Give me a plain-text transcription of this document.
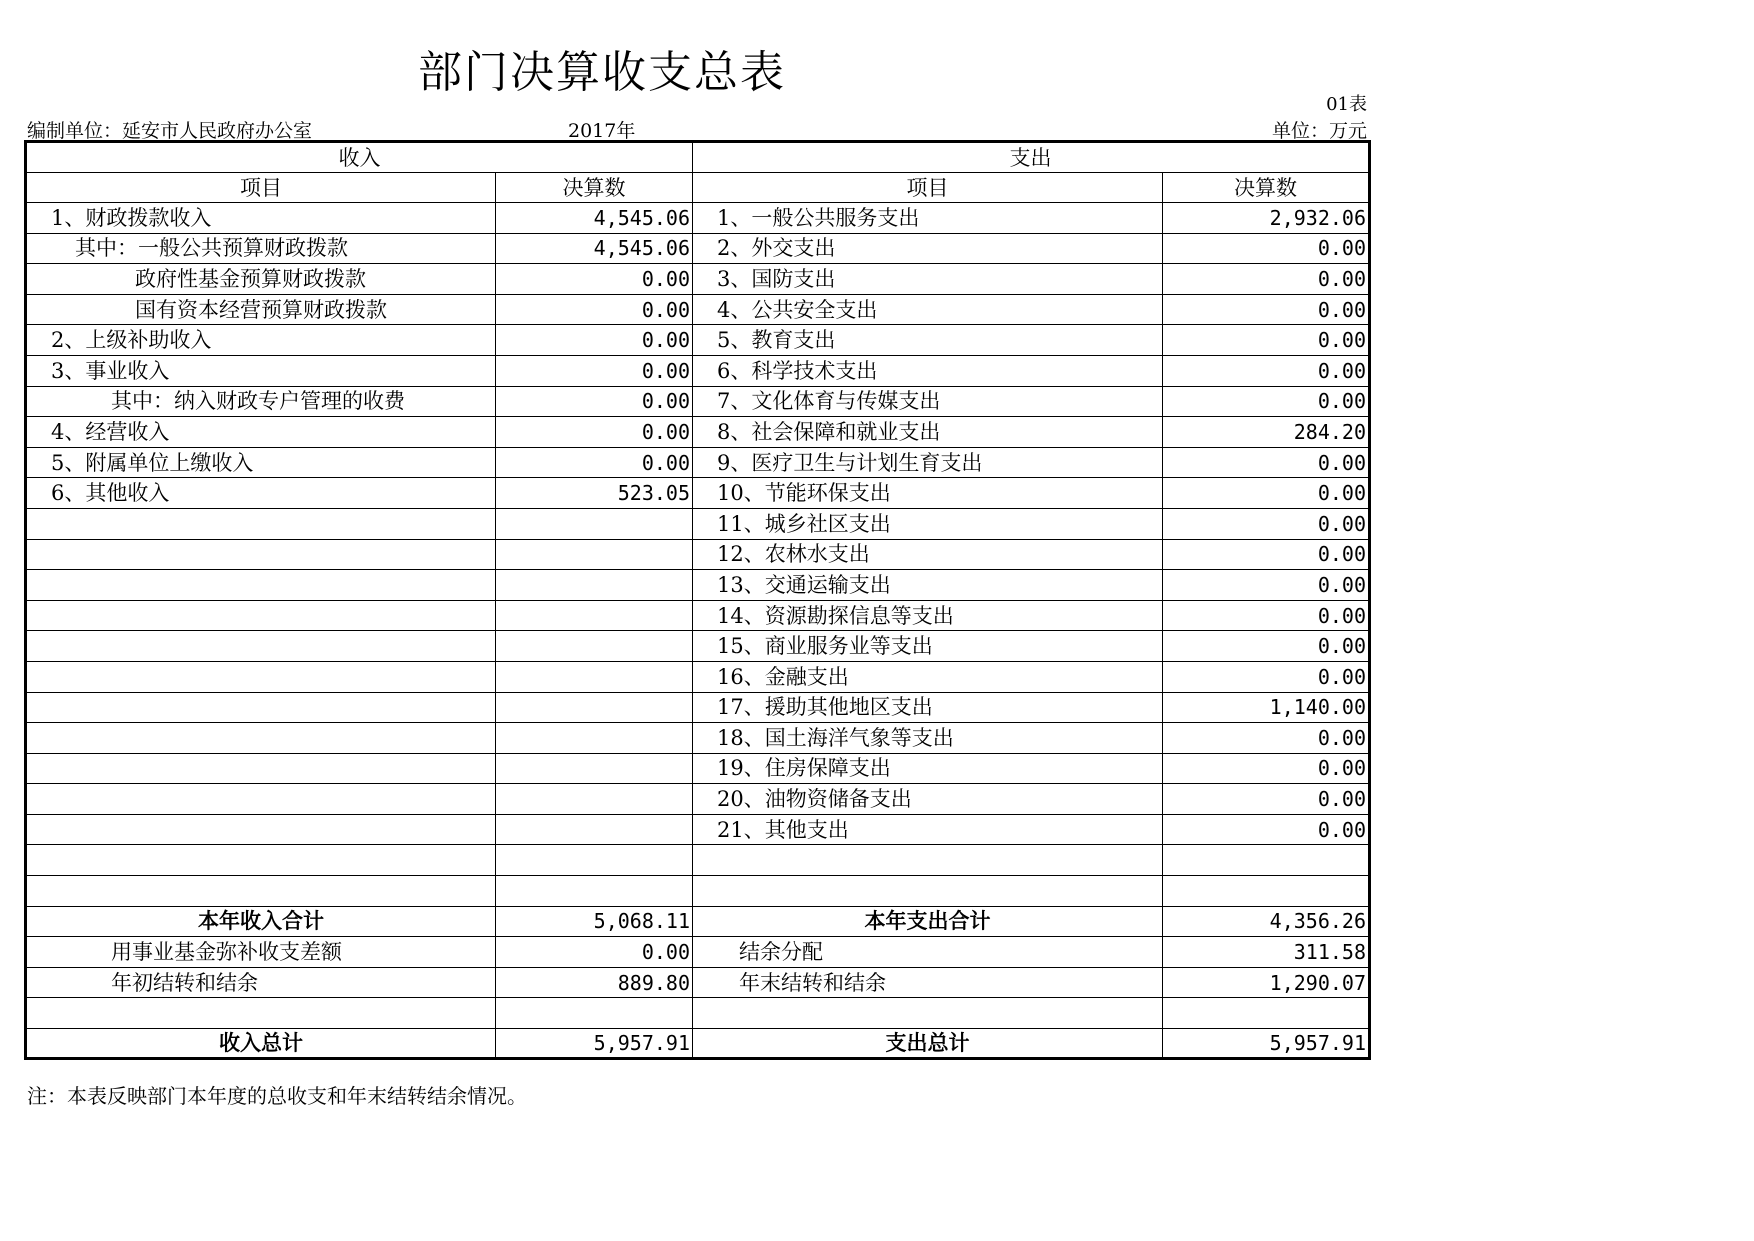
部门决算收支总表
01表
编制单位：延安市人民政府办公室	2017年	单位：万元
收入		支出	
项目	决算数	项目	决算数
1、财政拨款收入	4,545.06	1、一般公共服务支出	2,932.06
其中：一般公共预算财政拨款	4,545.06	2、外交支出	0.00
政府性基金预算财政拨款	0.00	3、国防支出	0.00
国有资本经营预算财政拨款	0.00	4、公共安全支出	0.00
2、上级补助收入	0.00	5、教育支出	0.00
3、事业收入	0.00	6、科学技术支出	0.00
其中：纳入财政专户管理的收费	0.00	7、文化体育与传媒支出	0.00
4、经营收入	0.00	8、社会保障和就业支出	284.20
5、附属单位上缴收入	0.00	9、医疗卫生与计划生育支出	0.00
6、其他收入	523.05	10、节能环保支出	0.00
		11、城乡社区支出	0.00
		12、农林水支出	0.00
		13、交通运输支出	0.00
		14、资源勘探信息等支出	0.00
		15、商业服务业等支出	0.00
		16、金融支出	0.00
		17、援助其他地区支出	1,140.00
		18、国土海洋气象等支出	0.00
		19、住房保障支出	0.00
		20、油物资储备支出	0.00
		21、其他支出	0.00

本年收入合计	5,068.11	本年支出合计	4,356.26
用事业基金弥补收支差额	0.00	结余分配	311.58
年初结转和结余	889.80	年末结转和结余	1,290.07

收入总计	5,957.91	支出总计	5,957.91
注：本表反映部门本年度的总收支和年末结转结余情况。
